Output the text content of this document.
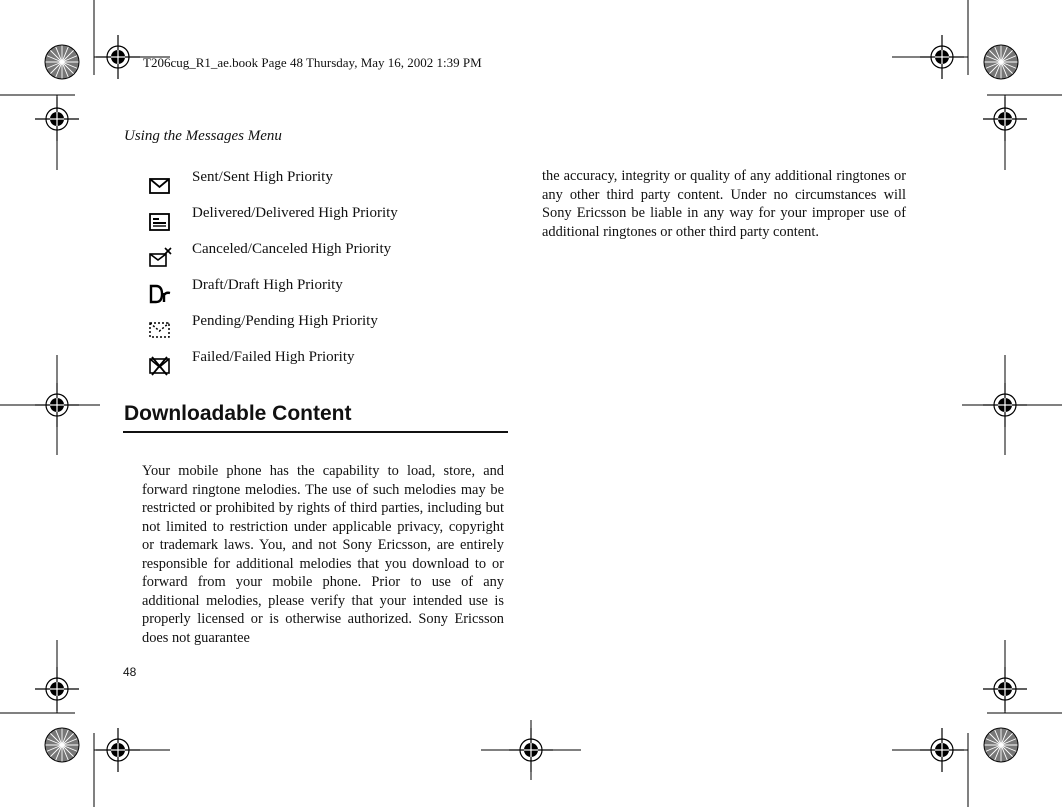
T206cug_R1_ae.book Page 48 Thursday, May 16, 2002 1:39 PM
Using the Messages Menu
Sent/Sent High Priority
Delivered/Delivered High Priority
Canceled/Canceled High Priority
Draft/Draft High Priority
Pending/Pending High Priority
Failed/Failed High Priority
Downloadable Content
Your mobile phone has the capability to load, store, and forward ringtone melodies. The use of such melodies may be restricted or prohibited by rights of third parties, including but not limited to restriction under applicable privacy, copyright or trademark laws. You, and not Sony Ericsson, are entirely responsible for additional melodies that you download to or forward from your mobile phone. Prior to use of any additional melodies, please verify that your intended use is properly licensed or is otherwise authorized. Sony Ericsson does not guarantee
the accuracy, integrity or quality of any additional ringtones or any other third party content. Under no circumstances will Sony Ericsson be liable in any way for your improper use of additional ringtones or other third party content.
48
